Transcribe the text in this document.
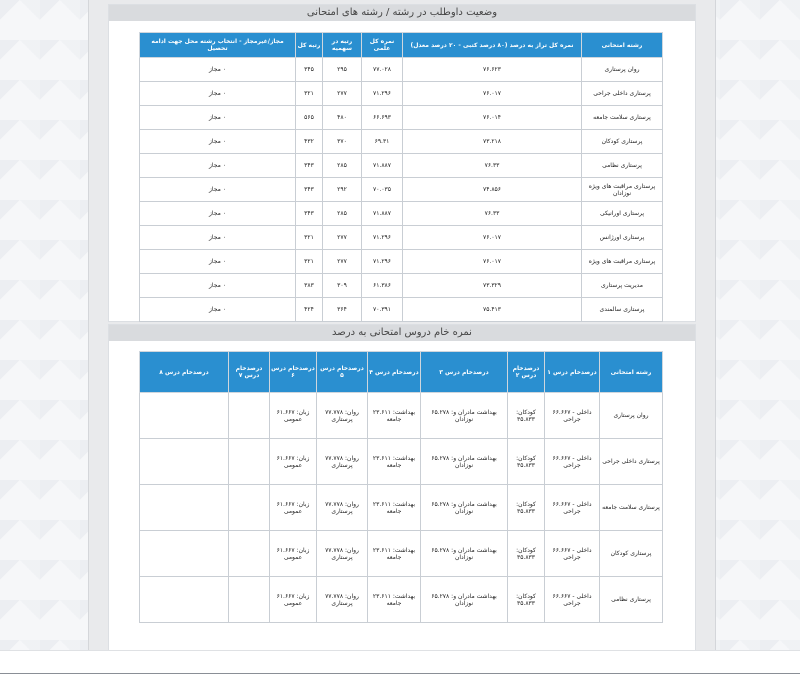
وضعیت داوطلب در رشته / رشته های امتحانی
رشته امتحانی	نمره کل تراز به درصد (۸۰ درصد کتبی - ۲۰ درصد معدل)	نمره کل علمی	رتبه در سهمیه	رتبه کل	مجاز/غیرمجاز - انتخاب رشته محل جهت ادامه تحصیل
روان پرستاری	۷۶.۶۲۳	۷۷.۰۲۸	۲۹۵	۳۴۵	۰ مجاز
پرستاری داخلی جراحی	۷۶.۰۱۷	۷۱.۲۹۶	۲۷۷	۳۲۱	۰ مجاز
پرستاری سلامت جامعه	۷۶.۰۱۴	۶۶.۶۹۳	۴۸۰	۵۶۵	۰ مجاز
پرستاری کودکان	۷۳.۲۱۸	۶۹.۳۱	۳۷۰	۴۳۲	۰ مجاز
پرستاری نظامی	۷۶.۳۳	۷۱.۸۸۷	۲۸۵	۳۴۳	۰ مجاز
پرستاری مراقبت های ویژه نوزادان	۷۴.۸۵۶	۷۰.۰۳۵	۲۹۲	۳۴۳	۰ مجاز
پرستاری اورانیکی	۷۶.۳۳	۷۱.۸۸۷	۲۸۵	۳۴۳	۰ مجاز
پرستاری اورژانس	۷۶.۰۱۷	۷۱.۲۹۶	۲۷۷	۳۲۱	۰ مجاز
پرستاری مراقبت های ویژه	۷۶.۰۱۷	۷۱.۲۹۶	۲۷۷	۳۲۱	۰ مجاز
مدیریت پرستاری	۷۳.۳۲۹	۶۱.۳۸۶	۳۰۹	۳۸۳	۰ مجاز
پرستاری سالمندی	۷۵.۴۱۳	۷۰.۳۹۱	۳۶۴	۴۲۴	۰ مجاز
نمره خام دروس امتحانی به درصد
رشته امتحانی	درصدخام درس ۱	درصدخام درس ۲	درصدخام درس ۳	درصدخام درس ۴	درصدخام درس ۵	درصدخام درس ۶	درصدخام درس ۷	درصدخام درس ۸
روان پرستاری	داخلی - ۶۶.۶۶۷ جراحی	کودکان: ۳۵.۸۳۳	بهداشت مادران و: ۶۵.۲۷۸ نوزادان	بهداشت: ۲۳.۶۱۱ جامعه	روان: ۷۷.۷۷۸ پرستاری	زبان: ۶۱.۶۶۷ عمومی		
پرستاری داخلی جراحی	داخلی - ۶۶.۶۶۷ جراحی	کودکان: ۳۵.۸۳۳	بهداشت مادران و: ۶۵.۲۷۸ نوزادان	بهداشت: ۲۳.۶۱۱ جامعه	روان: ۷۷.۷۷۸ پرستاری	زبان: ۶۱.۶۶۷ عمومی		
پرستاری سلامت جامعه	داخلی - ۶۶.۶۶۷ جراحی	کودکان: ۳۵.۸۳۳	بهداشت مادران و: ۶۵.۲۷۸ نوزادان	بهداشت: ۲۳.۶۱۱ جامعه	روان: ۷۷.۷۷۸ پرستاری	زبان: ۶۱.۶۶۷ عمومی		
پرستاری کودکان	داخلی - ۶۶.۶۶۷ جراحی	کودکان: ۳۵.۸۳۳	بهداشت مادران و: ۶۵.۲۷۸ نوزادان	بهداشت: ۲۳.۶۱۱ جامعه	روان: ۷۷.۷۷۸ پرستاری	زبان: ۶۱.۶۶۷ عمومی		
پرستاری نظامی	داخلی - ۶۶.۶۶۷ جراحی	کودکان: ۳۵.۸۳۳	بهداشت مادران و: ۶۵.۲۷۸ نوزادان	بهداشت: ۲۳.۶۱۱ جامعه	روان: ۷۷.۷۷۸ پرستاری	زبان: ۶۱.۶۶۷ عمومی		
